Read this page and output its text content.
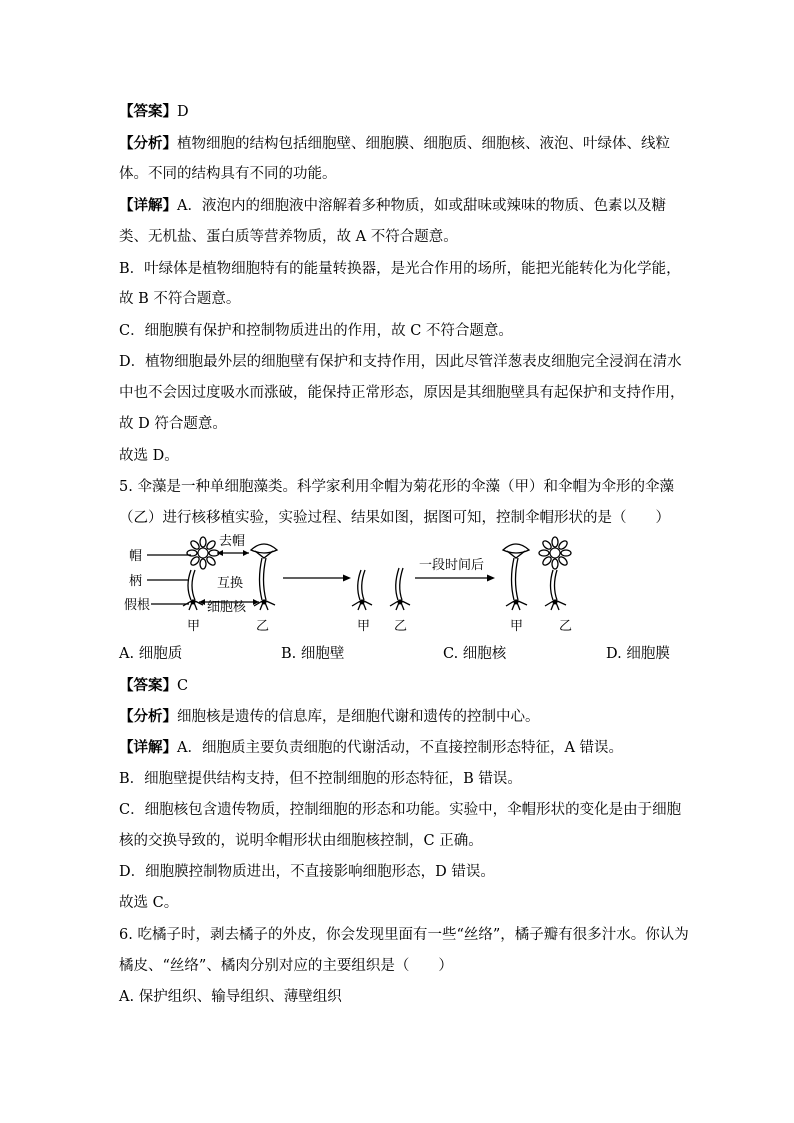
【答案】D
【分析】植物细胞的结构包括细胞壁、细胞膜、细胞质、细胞核、液泡、叶绿体、线粒
体。不同的结构具有不同的功能。
【详解】A．液泡内的细胞液中溶解着多种物质，如或甜味或辣味的物质、色素以及糖
类、无机盐、蛋白质等营养物质，故 A 不符合题意。
B．叶绿体是植物细胞特有的能量转换器，是光合作用的场所，能把光能转化为化学能，
故 B 不符合题意。
C．细胞膜有保护和控制物质进出的作用，故 C 不符合题意。
D．植物细胞最外层的细胞壁有保护和支持作用，因此尽管洋葱表皮细胞完全浸润在清水
中也不会因过度吸水而涨破，能保持正常形态，原因是其细胞壁具有起保护和支持作用，
故 D 符合题意。
故选 D。
5. 伞藻是一种单细胞藻类。科学家利用伞帽为菊花形的伞藻（甲）和伞帽为伞形的伞藻
（乙）进行核移植实验，实验过程、结果如图，据图可知，控制伞帽形状的是（　　）
帽
柄
假根
去帽
互换
细胞核
甲	乙	甲 乙
一段时间后
甲	乙
A. 细胞质	B. 细胞壁	C. 细胞核	D. 细胞膜
【答案】C
【分析】细胞核是遗传的信息库，是细胞代谢和遗传的控制中心。
【详解】A．细胞质主要负责细胞的代谢活动，不直接控制形态特征，A 错误。
B．细胞壁提供结构支持，但不控制细胞的形态特征，B 错误。
C．细胞核包含遗传物质，控制细胞的形态和功能。实验中，伞帽形状的变化是由于细胞
核的交换导致的，说明伞帽形状由细胞核控制，C 正确。
D．细胞膜控制物质进出，不直接影响细胞形态，D 错误。
故选 C。
6. 吃橘子时，剥去橘子的外皮，你会发现里面有一些“丝络”，橘子瓣有很多汁水。你认为
橘皮、“丝络”、橘肉分别对应的主要组织是（　　）
A. 保护组织、输导组织、薄壁组织
